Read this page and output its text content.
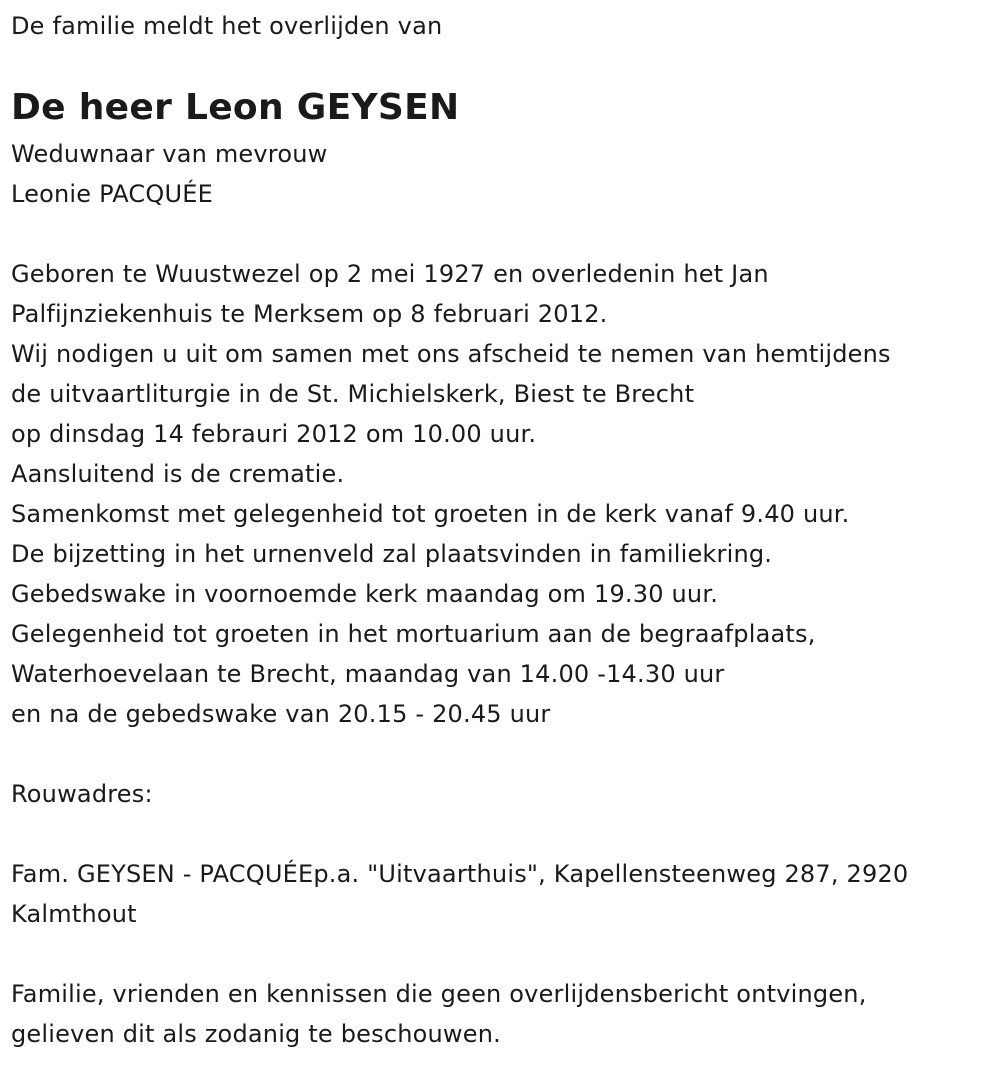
De familie meldt het overlijden van
De heer Leon GEYSEN
Weduwnaar van mevrouw
Leonie PACQUÉE
Geboren te Wuustwezel op 2 mei 1927 en overledenin het Jan
Palfijnziekenhuis te Merksem op 8 februari 2012.
Wij nodigen u uit om samen met ons afscheid te nemen van hemtijdens
de uitvaartliturgie in de St. Michielskerk, Biest te Brecht
op dinsdag 14 febrauri 2012 om 10.00 uur.
Aansluitend is de crematie.
Samenkomst met gelegenheid tot groeten in de kerk vanaf 9.40 uur.
De bijzetting in het urnenveld zal plaatsvinden in familiekring.
Gebedswake in voornoemde kerk maandag om 19.30 uur.
Gelegenheid tot groeten in het mortuarium aan de begraafplaats,
Waterhoevelaan te Brecht, maandag van 14.00 -14.30 uur
en na de gebedswake van 20.15 - 20.45 uur
Rouwadres:
Fam. GEYSEN - PACQUÉEp.a. "Uitvaarthuis", Kapellensteenweg 287, 2920
Kalmthout
Familie, vrienden en kennissen die geen overlijdensbericht ontvingen,
gelieven dit als zodanig te beschouwen.
